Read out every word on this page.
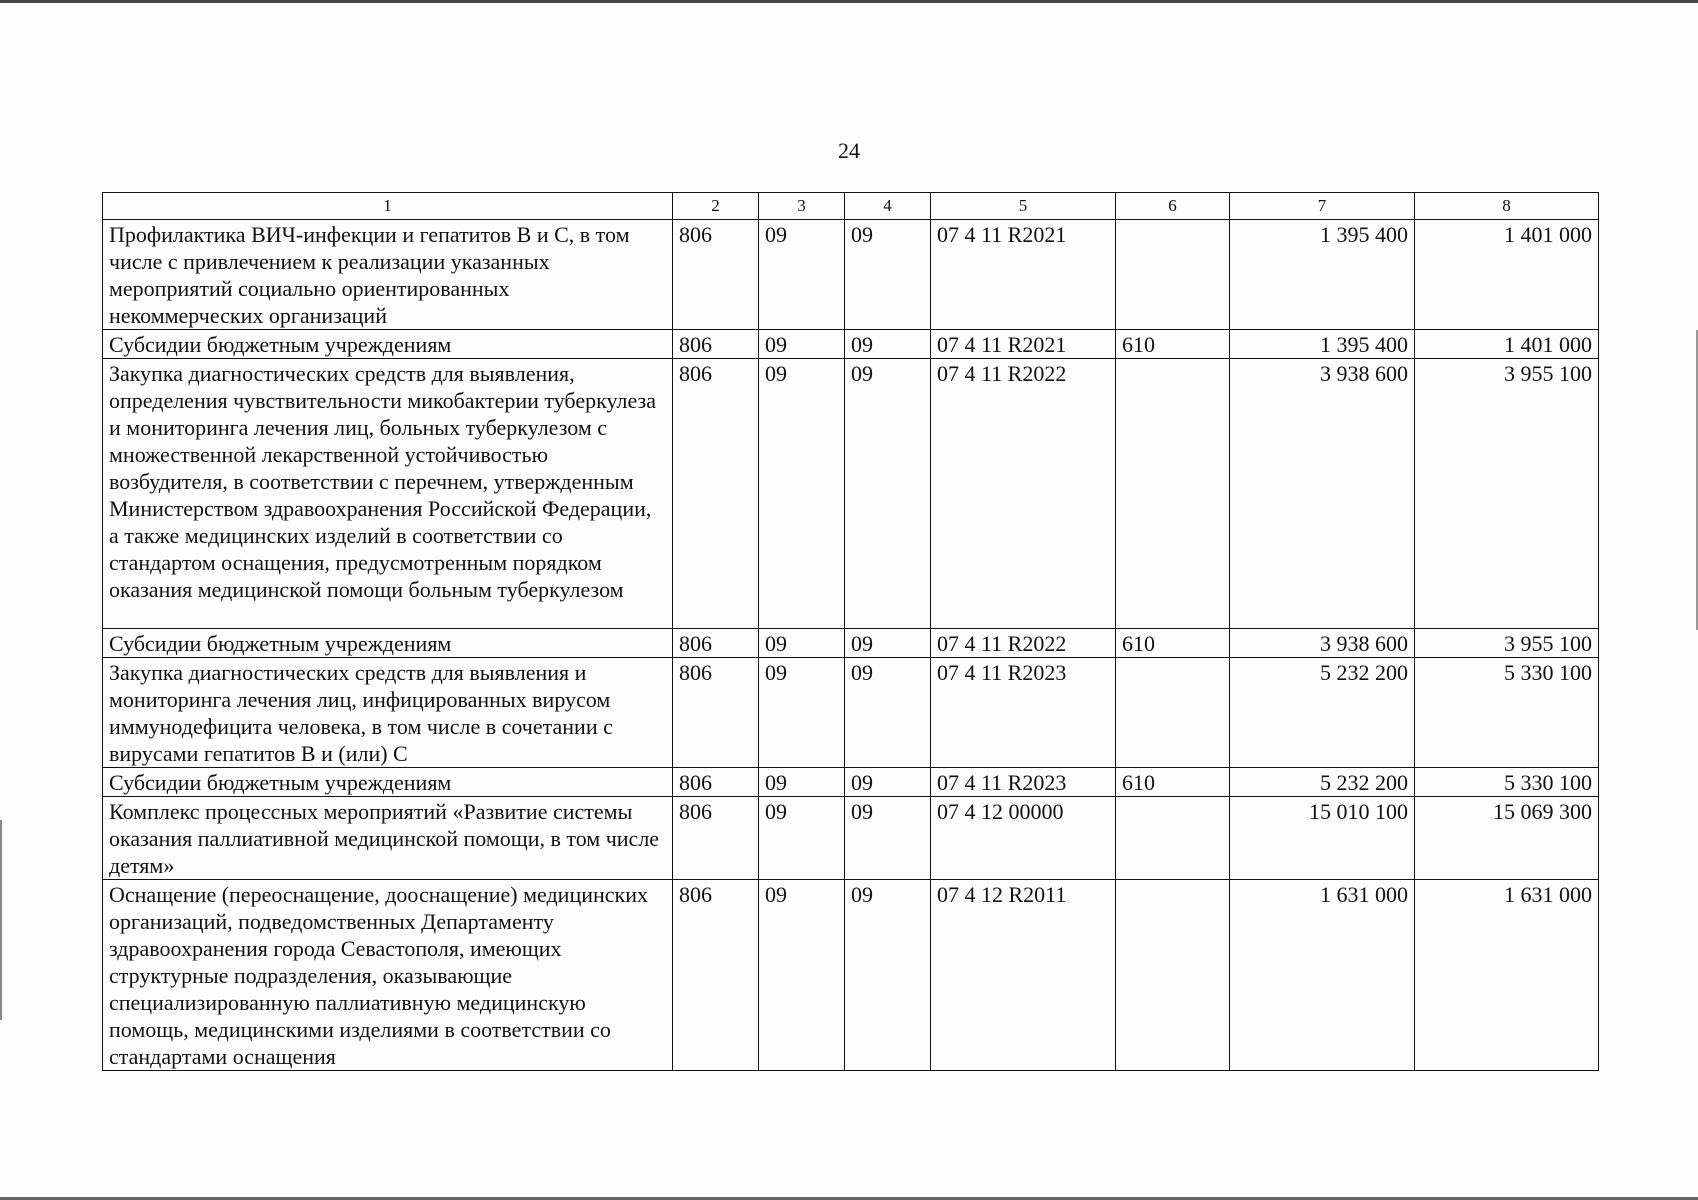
24
1	2	3	4	5	6	7	8
Профилактика ВИЧ-инфекции и гепатитов В и С, в том числе с привлечением к реализации указанных мероприятий социально ориентированных некоммерческих организаций	806	09	09	07 4 11 R2021		1 395 400	1 401 000
Субсидии бюджетным учреждениям	806	09	09	07 4 11 R2021	610	1 395 400	1 401 000
Закупка диагностических средств для выявления, определения чувствительности микобактерии туберкулеза и мониторинга лечения лиц, больных туберкулезом с множественной лекарственной устойчивостью возбудителя, в соответствии с перечнем, утвержденным Министерством здравоохранения Российской Федерации, а также медицинских изделий в соответствии со стандартом оснащения, предусмотренным порядком оказания медицинской помощи больным туберкулезом	806	09	09	07 4 11 R2022		3 938 600	3 955 100
Субсидии бюджетным учреждениям	806	09	09	07 4 11 R2022	610	3 938 600	3 955 100
Закупка диагностических средств для выявления и мониторинга лечения лиц, инфицированных вирусом иммунодефицита человека, в том числе в сочетании с вирусами гепатитов В и (или) С	806	09	09	07 4 11 R2023		5 232 200	5 330 100
Субсидии бюджетным учреждениям	806	09	09	07 4 11 R2023	610	5 232 200	5 330 100
Комплекс процессных мероприятий «Развитие системы оказания паллиативной медицинской помощи, в том числе детям»	806	09	09	07 4 12 00000		15 010 100	15 069 300
Оснащение (переоснащение, дооснащение) медицинских организаций, подведомственных Департаменту здравоохранения города Севастополя, имеющих структурные подразделения, оказывающие специализированную паллиативную медицинскую помощь, медицинскими изделиями в соответствии со стандартами оснащения	806	09	09	07 4 12 R2011		1 631 000	1 631 000
